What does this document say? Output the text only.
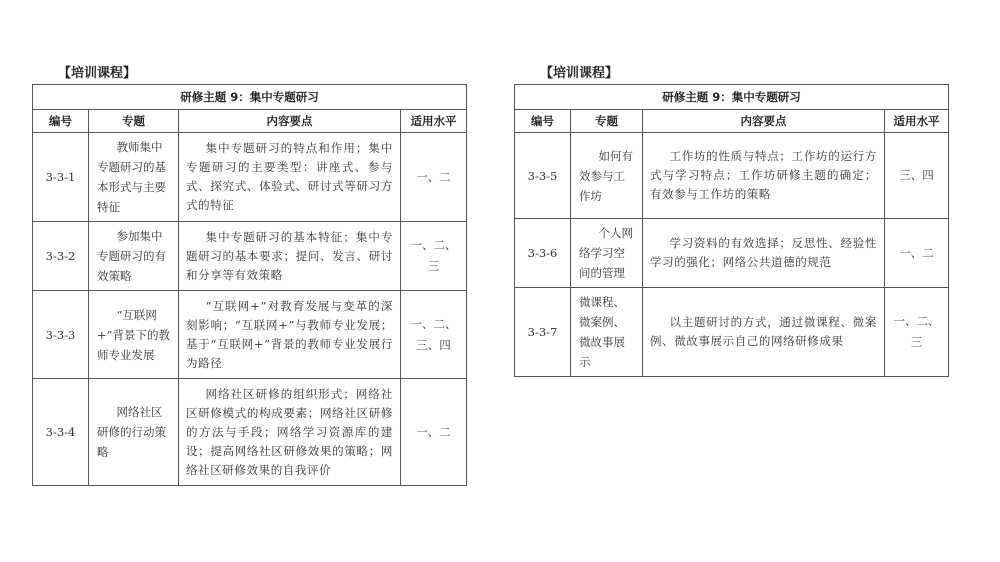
【培训课程】
研修主题 9：集中专题研习			
编号	专题	内容要点	适用水平
3-3-1	教师集中专题研习的基本形式与主要特征	集中专题研习的特点和作用；集中专题研习的主要类型：讲座式、参与式、探究式、体验式、研讨式等研习方式的特征	一、二
3-3-2	参加集中专题研习的有效策略	集中专题研习的基本特征；集中专题研习的基本要求；提问、发言、研讨和分享等有效策略	一、二、三
3-3-3	“互联网+”背景下的教师专业发展	“互联网+”对教育发展与变革的深刻影响；“互联网+”与教师专业发展；基于“互联网+”背景的教师专业发展行为路径	一、二、三、四
3-3-4	网络社区研修的行动策略	网络社区研修的组织形式；网络社区研修模式的构成要素；网络社区研修的方法与手段；网络学习资源库的建设；提高网络社区研修效果的策略；网络社区研修效果的自我评价	一、二
【培训课程】
研修主题 9：集中专题研习			
编号	专题	内容要点	适用水平
3-3-5	如何有效参与工作坊	工作坊的性质与特点；工作坊的运行方式与学习特点；工作坊研修主题的确定；有效参与工作坊的策略	三、四
3-3-6	个人网络学习空间的管理	学习资料的有效选择；反思性、经验性学习的强化；网络公共道德的规范	一、二
3-3-7	微课程、微案例、微故事展示	以主题研讨的方式，通过微课程、微案例、微故事展示自己的网络研修成果	一、二、三
